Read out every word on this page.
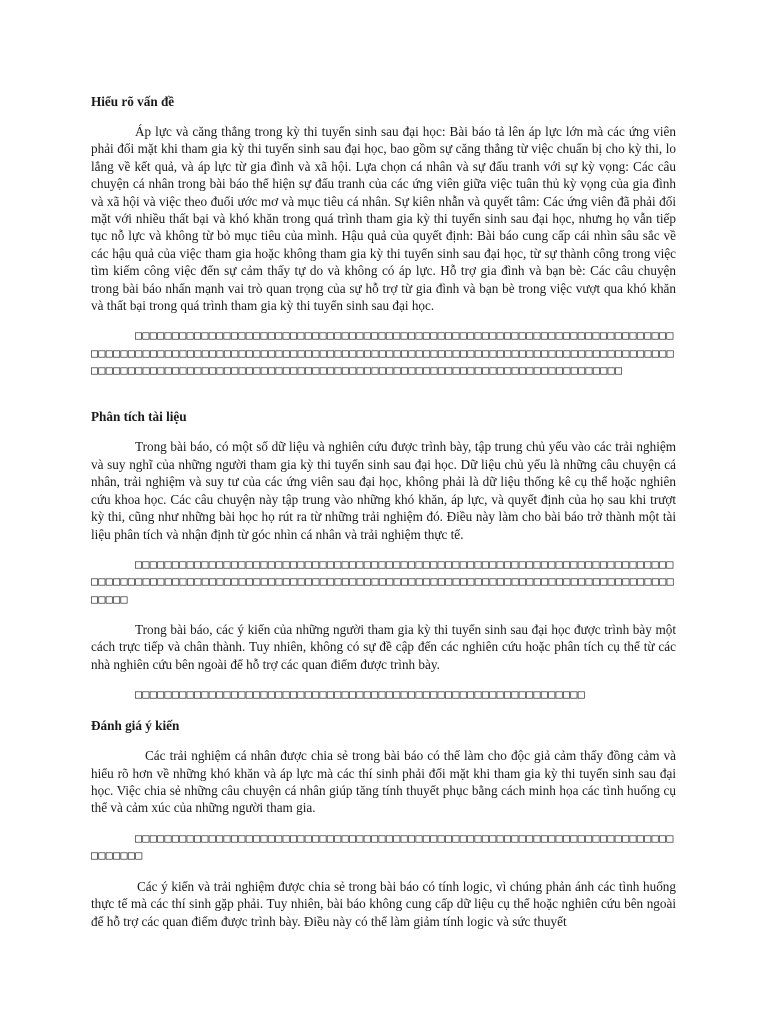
Hiểu rõ vấn đề
Áp lực và căng thẳng trong kỳ thi tuyển sinh sau đại học: Bài báo tả lên áp lực lớn mà các ứng viên phải đối mặt khi tham gia kỳ thi tuyển sinh sau đại học, bao gồm sự căng thẳng từ việc chuẩn bị cho kỳ thi, lo lắng về kết quả, và áp lực từ gia đình và xã hội. Lựa chọn cá nhân và sự đấu tranh với sự kỳ vọng: Các câu chuyện cá nhân trong bài báo thể hiện sự đấu tranh của các ứng viên giữa việc tuân thủ kỳ vọng của gia đình và xã hội và việc theo đuổi ước mơ và mục tiêu cá nhân. Sự kiên nhẫn và quyết tâm: Các ứng viên đã phải đối mặt với nhiều thất bại và khó khăn trong quá trình tham gia kỳ thi tuyển sinh sau đại học, nhưng họ vẫn tiếp tục nỗ lực và không từ bỏ mục tiêu của mình. Hậu quả của quyết định: Bài báo cung cấp cái nhìn sâu sắc về các hậu quả của việc tham gia hoặc không tham gia kỳ thi tuyển sinh sau đại học, từ sự thành công trong việc tìm kiếm công việc đến sự cảm thấy tự do và không có áp lực. Hỗ trợ gia đình và bạn bè: Các câu chuyện trong bài báo nhấn mạnh vai trò quan trọng của sự hỗ trợ từ gia đình và bạn bè trong việc vượt qua khó khăn và thất bại trong quá trình tham gia kỳ thi tuyển sinh sau đại học.
□□□□□□□□□□□□□□□□□□□□□□□□□□□□□□□□□□□□□□□□□□□□□□□□□□□□□□□□□□□□□□□□□□□□□□□□□□□□□□□□□□□□□□□□□□□□□□□□□□□□□□□□□□□□□□□□□□□□□□□□□□□□□□□□□□□□□□□□□□□□□□□□□□□□□□□□□□□□□□□□□□□□□□□□□□□□□□□□□□□□□□□□□□□□□□□□□□□□□□□□□□□□□□□□□□□□□□□□□□□□□□□□
Phân tích tài liệu
Trong bài báo, có một số dữ liệu và nghiên cứu được trình bày, tập trung chủ yếu vào các trải nghiệm và suy nghĩ của những người tham gia kỳ thi tuyển sinh sau đại học. Dữ liệu chủ yếu là những câu chuyện cá nhân, trải nghiệm và suy tư của các ứng viên sau đại học, không phải là dữ liệu thống kê cụ thể hoặc nghiên cứu khoa học. Các câu chuyện này tập trung vào những khó khăn, áp lực, và quyết định của họ sau khi trượt kỳ thi, cũng như những bài học họ rút ra từ những trải nghiệm đó. Điều này làm cho bài báo trở thành một tài liệu phân tích và nhận định từ góc nhìn cá nhân và trải nghiệm thực tế.
□□□□□□□□□□□□□□□□□□□□□□□□□□□□□□□□□□□□□□□□□□□□□□□□□□□□□□□□□□□□□□□□□□□□□□□□□□□□□□□□□□□□□□□□□□□□□□□□□□□□□□□□□□□□□□□□□□□□□□□□□□□□□□□□□□□□□□□□□□□□□□□□□□□□□□□□□□□□□
Trong bài báo, các ý kiến của những người tham gia kỳ thi tuyển sinh sau đại học được trình bày một cách trực tiếp và chân thành. Tuy nhiên, không có sự đề cập đến các nghiên cứu hoặc phân tích cụ thể từ các nhà nghiên cứu bên ngoài để hỗ trợ các quan điểm được trình bày.
□□□□□□□□□□□□□□□□□□□□□□□□□□□□□□□□□□□□□□□□□□□□□□□□□□□□□□□□□□□□□
Đánh giá ý kiến
Các trải nghiệm cá nhân được chia sẻ trong bài báo có thể làm cho độc giả cảm thấy đồng cảm và hiểu rõ hơn về những khó khăn và áp lực mà các thí sinh phải đối mặt khi tham gia kỳ thi tuyển sinh sau đại học. Việc chia sẻ những câu chuyện cá nhân giúp tăng tính thuyết phục bằng cách minh họa các tình huống cụ thể và cảm xúc của những người tham gia.
□□□□□□□□□□□□□□□□□□□□□□□□□□□□□□□□□□□□□□□□□□□□□□□□□□□□□□□□□□□□□□□□□□□□□□□□□□□□□□□□
Các ý kiến và trải nghiệm được chia sẻ trong bài báo có tính logic, vì chúng phản ánh các tình huống thực tế mà các thí sinh gặp phải. Tuy nhiên, bài báo không cung cấp dữ liệu cụ thể hoặc nghiên cứu bên ngoài để hỗ trợ các quan điểm được trình bày. Điều này có thể làm giảm tính logic và sức thuyết
